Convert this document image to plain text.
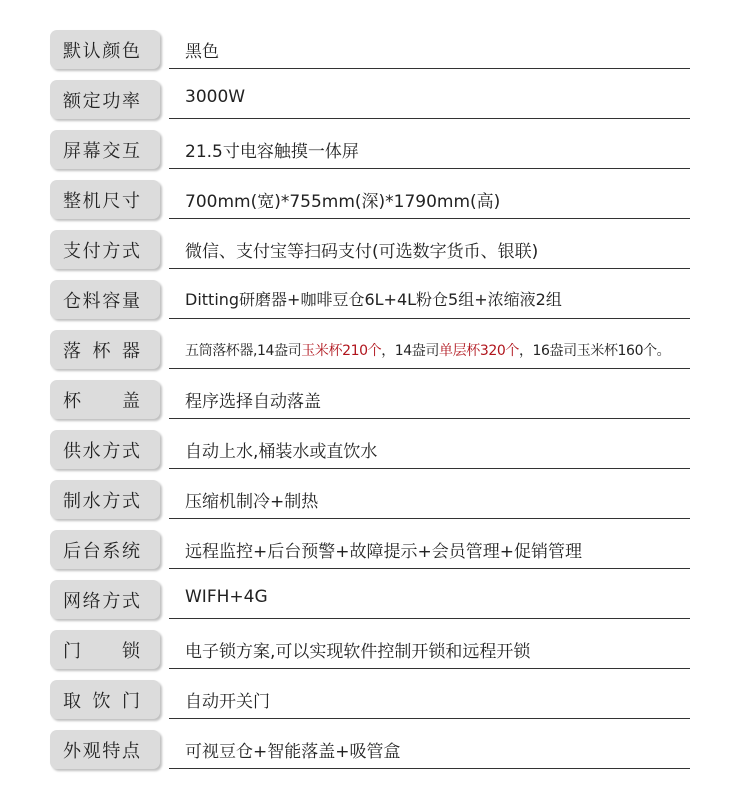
默 认 颜 色	黑色
额 定 功 率	3000W
屏 幕 交 互	21.5寸电容触摸一体屏
整 机 尺 寸	700mm(宽)*755mm(深)*1790mm(高)
支 付 方 式	微信、支付宝等扫码支付(可选数字货币、银联)
仓 料 容 量	Ditting研磨器+咖啡豆仓6L+4L粉仓5组+浓缩液2组
落 杯 器	五筒落杯器,14盎司玉米杯210个，14盎司单层杯320个，16盎司玉米杯160个。
杯 盖	程序选择自动落盖
供 水 方 式	自动上水,桶装水或直饮水
制 水 方 式	压缩机制冷+制热
后 台 系 统	远程监控+后台预警+故障提示+会员管理+促销管理
网 络 方 式	WIFH+4G
门 锁	电子锁方案,可以实现软件控制开锁和远程开锁
取 饮 门	自动开关门
外 观 特 点	可视豆仓+智能落盖+吸管盒
